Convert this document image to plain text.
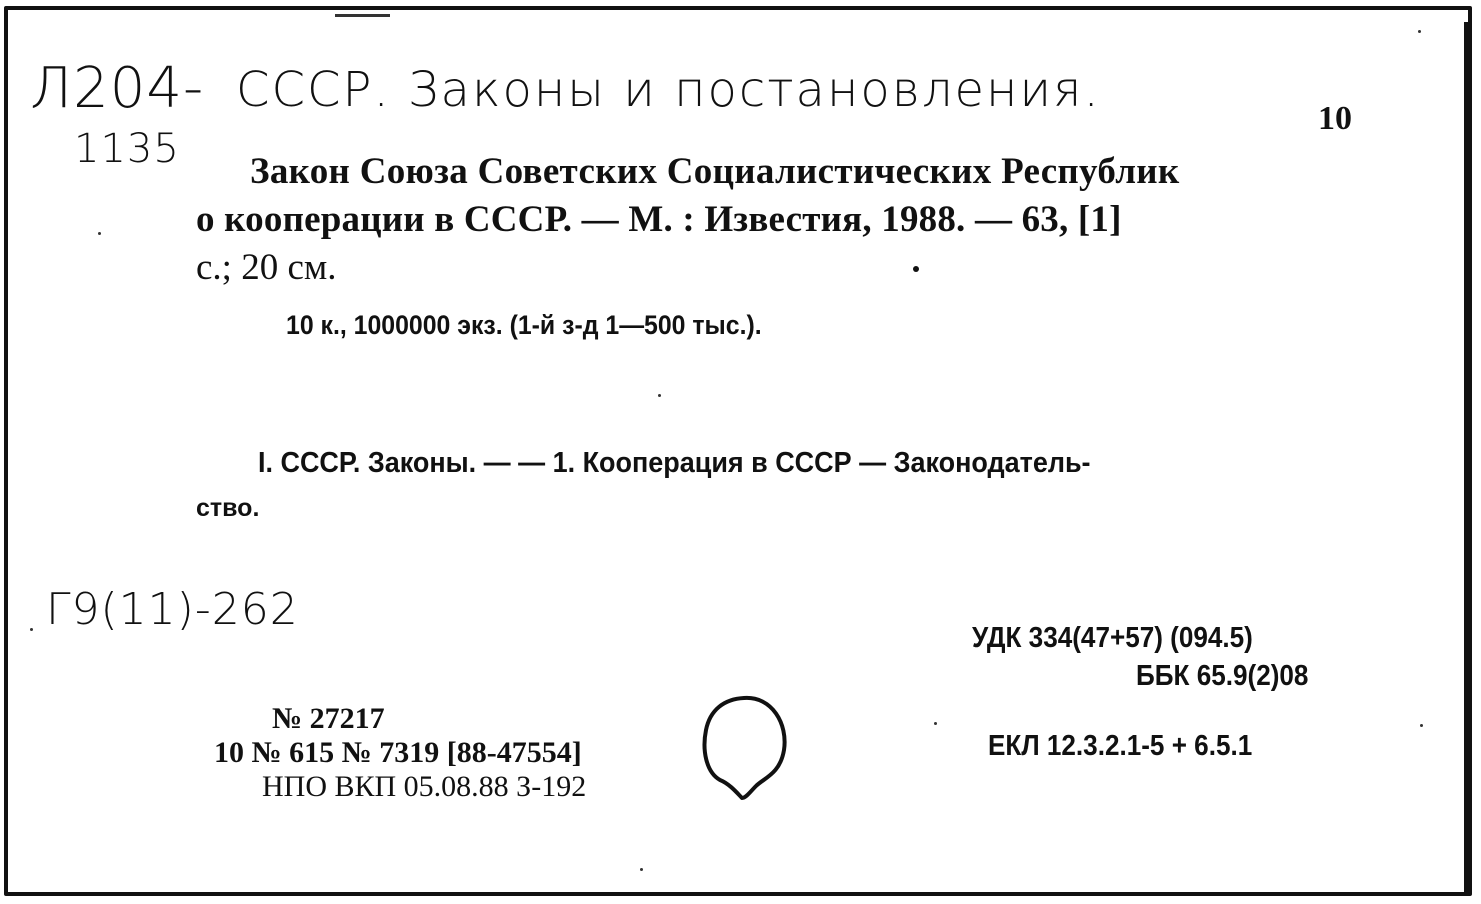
Л204-
1135
СССР. Законы и постановления.
Г9(11)-262
10
Закон Союза Советских Социалистических Республик
о кооперации в СССР. — М. : Известия, 1988. — 63, [1]
с.; 20 см.
10 к., 1000000 экз. (1-й з-д 1—500 тыс.).
I. СССР. Законы. — — 1. Кооперация в СССР — Законодатель-
ство.
УДК 334(47+57) (094.5)
ББК 65.9(2)08
ЕКЛ 12.3.2.1-5 + 6.5.1
№ 27217
10 № 615 № 7319 [88-47554]
НПО ВКП 05.08.88 З-192
